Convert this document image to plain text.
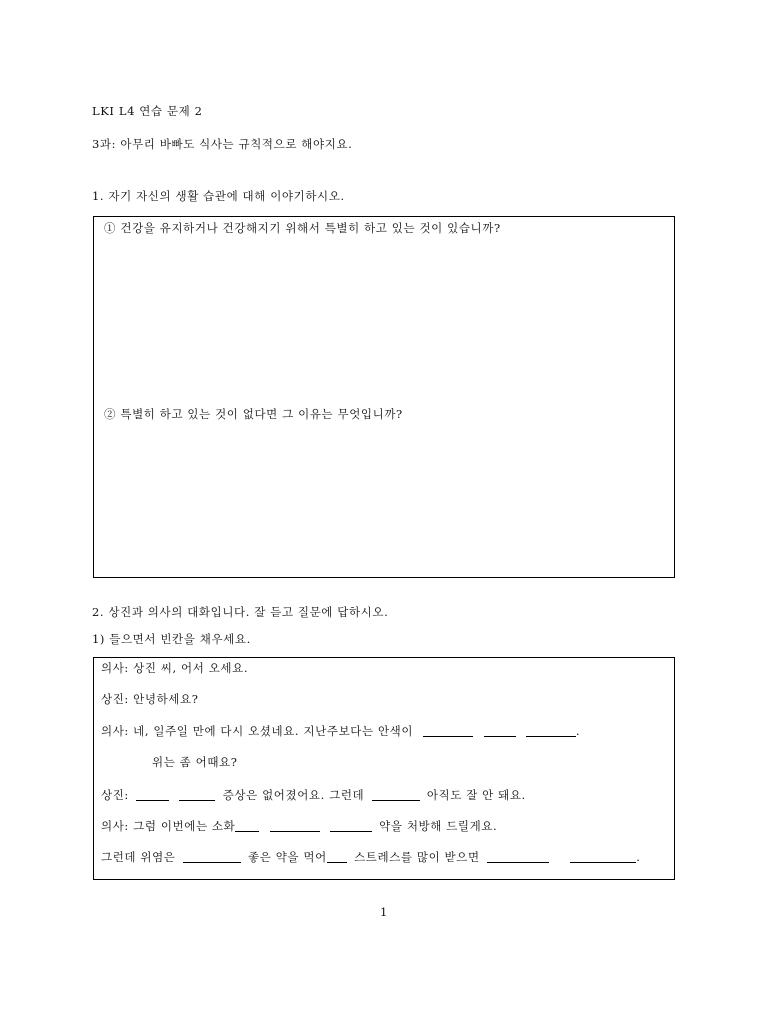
LKI L4 연습 문제 2
3과: 아무리 바빠도 식사는 규칙적으로 해야지요.
1. 자기 자신의 생활 습관에 대해 이야기하시오.
① 건강을 유지하거나 건강해지기 위해서 특별히 하고 있는 것이 있습니까?
② 특별히 하고 있는 것이 없다면 그 이유는 무엇입니까?
2. 상진과 의사의 대화입니다. 잘 듣고 질문에 답하시오.
1) 들으면서 빈칸을 채우세요.
의사: 상진 씨, 어서 오세요.
상진: 안녕하세요?
의사: 네, 일주일 만에 다시 오셨네요. 지난주보다는 안색이	.
위는 좀 어때요?
상진:	증상은 없어졌어요. 그런데	아직도 잘 안 돼요.
의사: 그럼 이번에는 소화	약을 처방해 드릴게요.
그런데 위염은	좋은 약을 먹어 스트레스를 많이 받으면	.
1
